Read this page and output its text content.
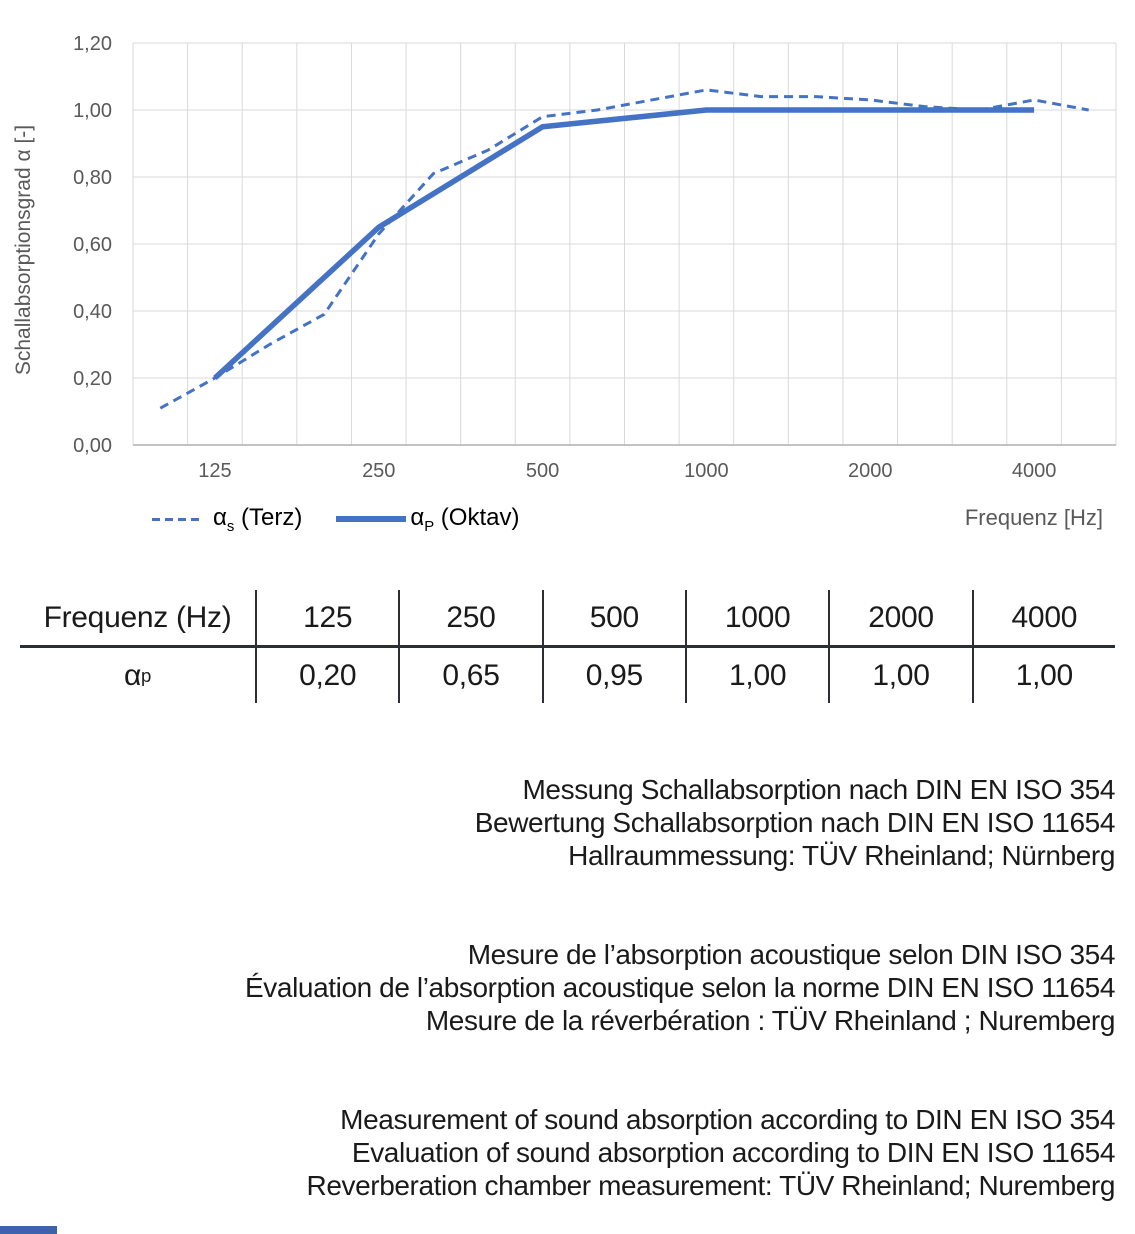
0,00
0,20
0,40
0,60
0,80
1,00
1,20
125	250	500	1000	2000	4000
Schallabsorptionsgrad α [-]
$\alpha_s$ (Terz)	$\alpha_P$ (Oktav)	Frequenz [Hz]
Frequenz (Hz)	125	250	500	1000	2000	4000
α p	0,20	0,65	0,95	1,00	1,00	1,00
Messung Schallabsorption nach DIN EN ISO 354
Bewertung Schallabsorption nach DIN EN ISO 11654
Hallraummessung: TÜV Rheinland; Nürnberg
Mesure de l’absorption acoustique selon DIN ISO 354
Évaluation de l’absorption acoustique selon la norme DIN EN ISO 11654
Mesure de la réverbération : TÜV Rheinland ; Nuremberg
Measurement of sound absorption according to DIN EN ISO 354
Evaluation of sound absorption according to DIN EN ISO 11654
Reverberation chamber measurement: TÜV Rheinland; Nuremberg
